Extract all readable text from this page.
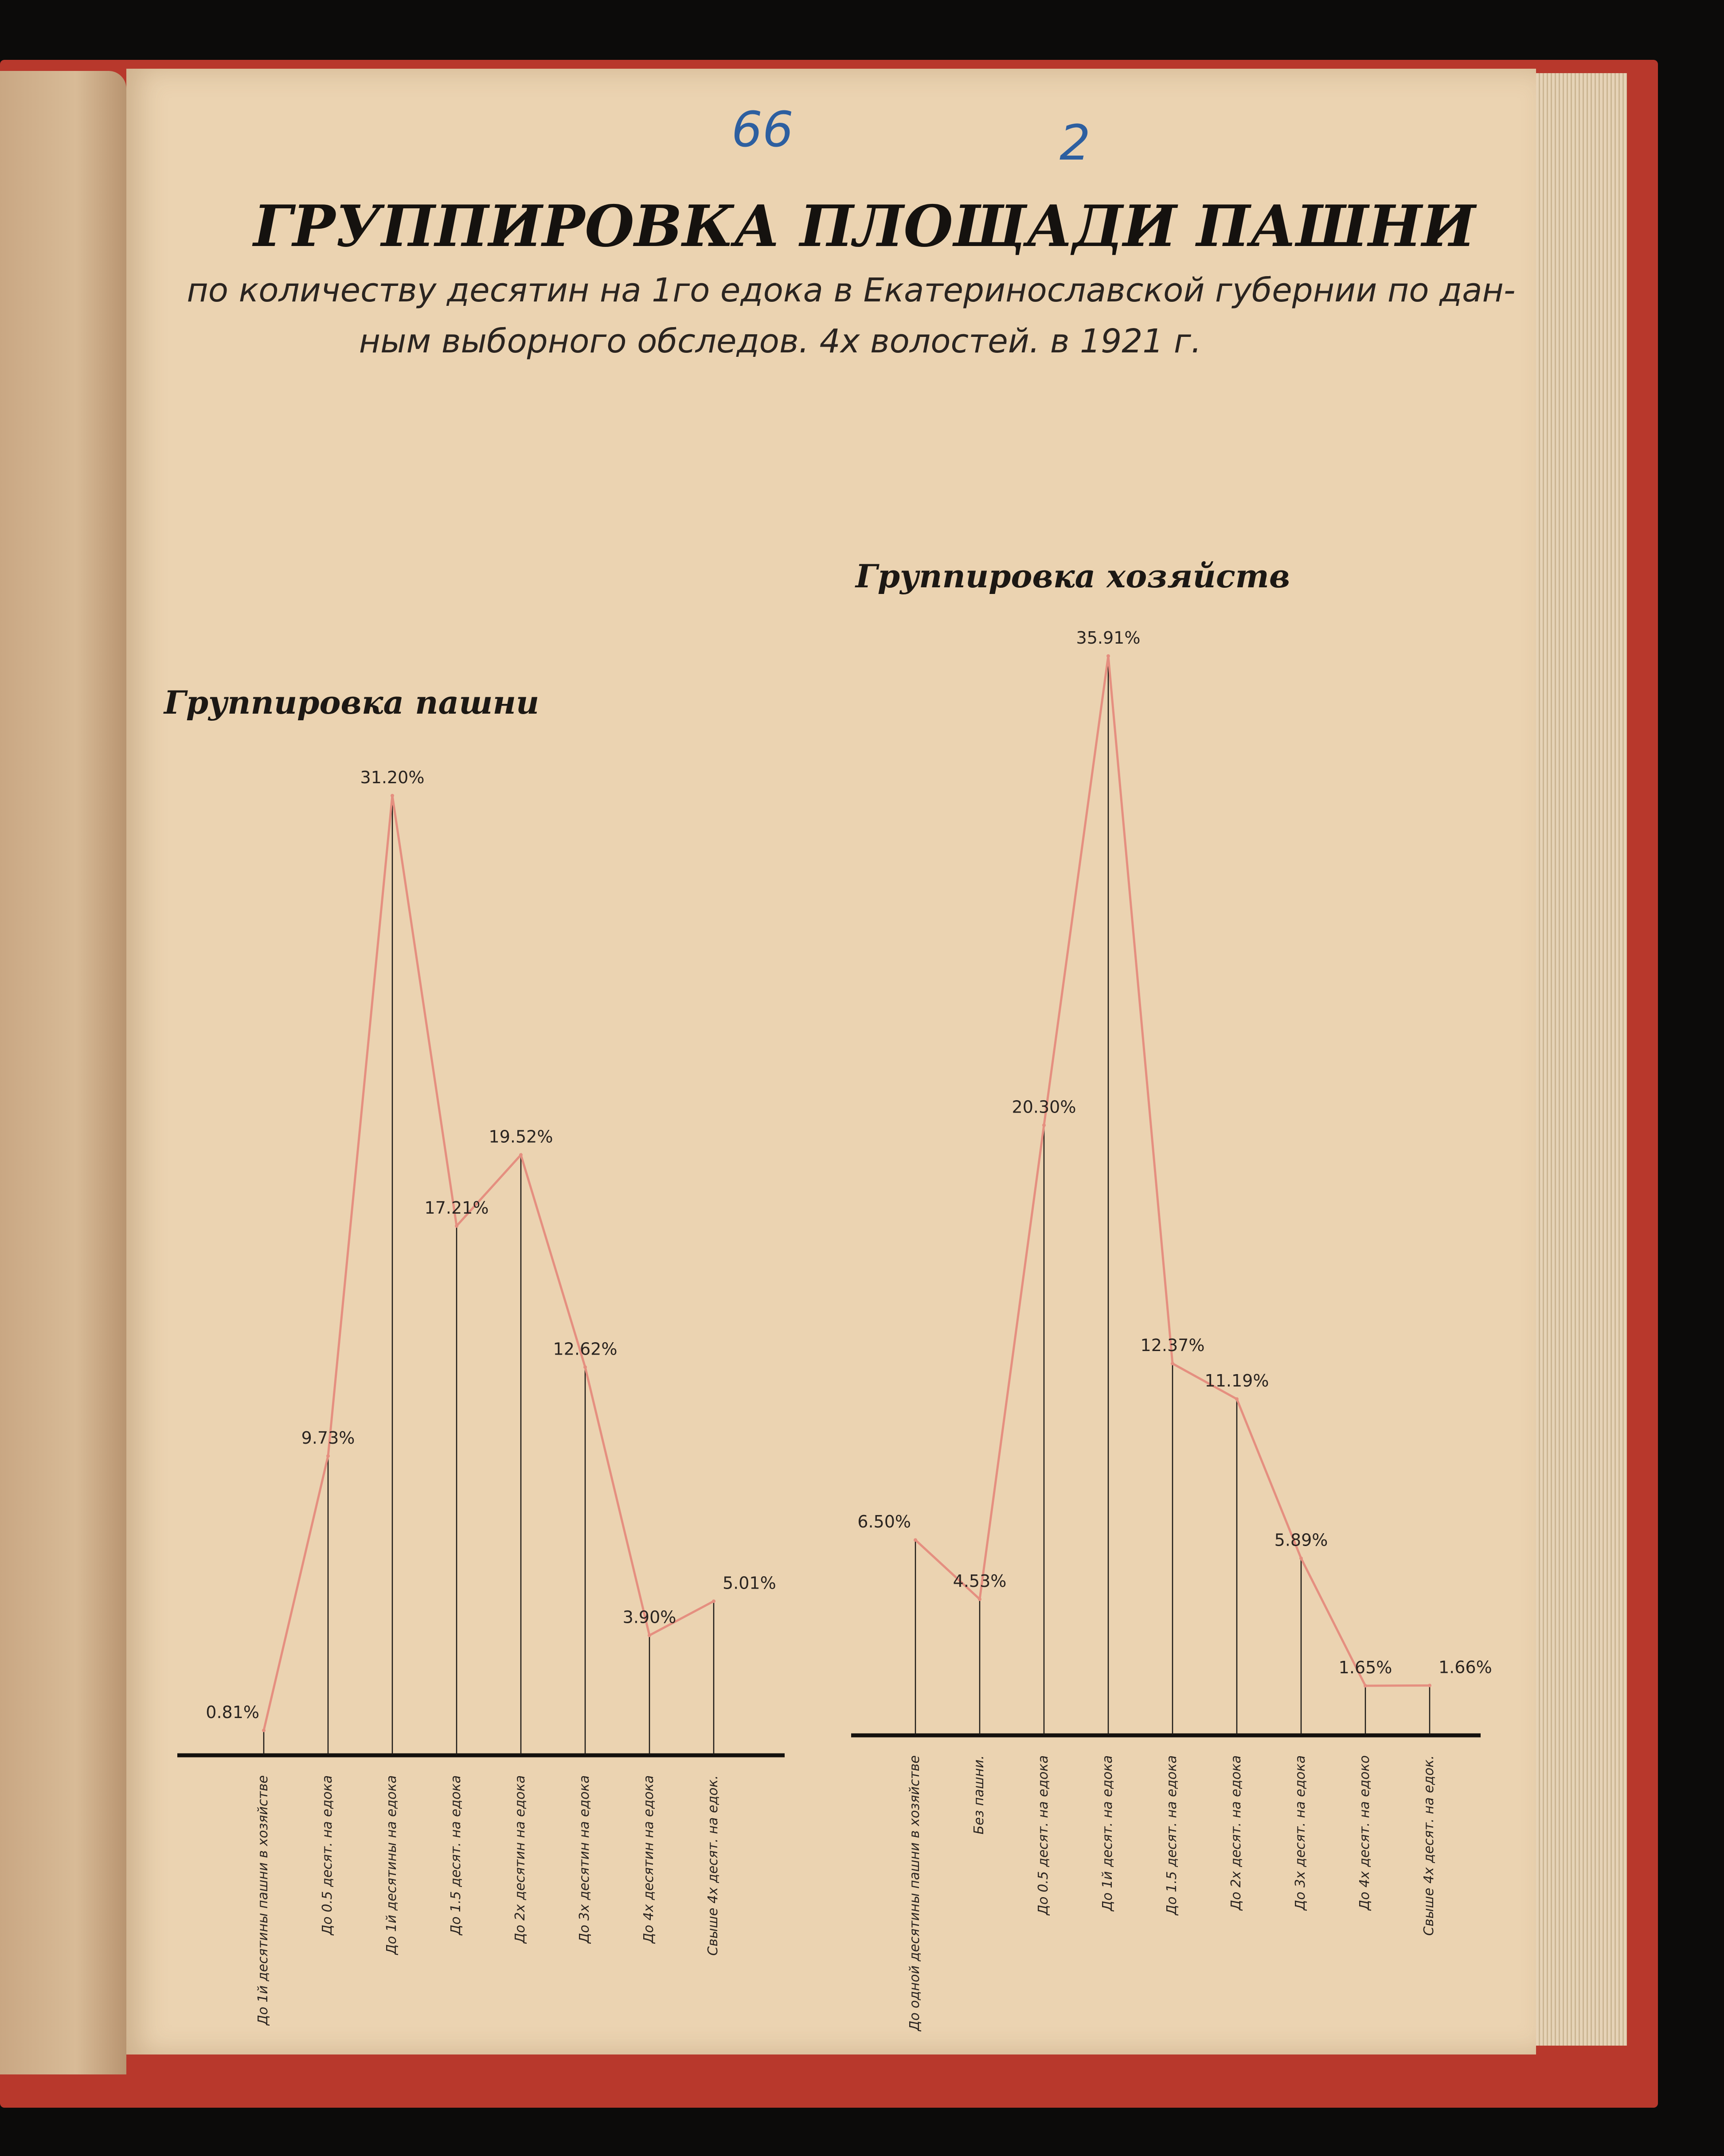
66	2
ГРУППИРОВКА ПЛОЩАДИ ПАШНИ
по количеству десятин на 1го едока в Екатеринославской губернии по дан-
ным выборного обследов. 4х волостей. в 1921 г.
Группировка пашни
Группировка хозяйств
0.81%
9.73%
31.20%
17.21%
19.52%
12.62%
3.90%
5.01%
До 1й десятины пашни в хозяйстве	До 0.5 десят. на едока	До 1й десятины на едока	До 1.5 десят. на едока	До 2х десятин на едока	До 3х десятин на едока	До 4х десятин на едока	Свыше 4х десят. на едок.
6.50%
4.53%
20.30%
35.91%
12.37%
11.19%
5.89%
1.65%	1.66%
До одной десятины пашни в хозяйстве	Без пашни.	До 0.5 десят. на едока	До 1й десят. на едока	До 1.5 десят. на едока	До 2х десят. на едока	До 3х десят. на едока	До 4х десят. на едоко	Свыше 4х десят. на едок.
